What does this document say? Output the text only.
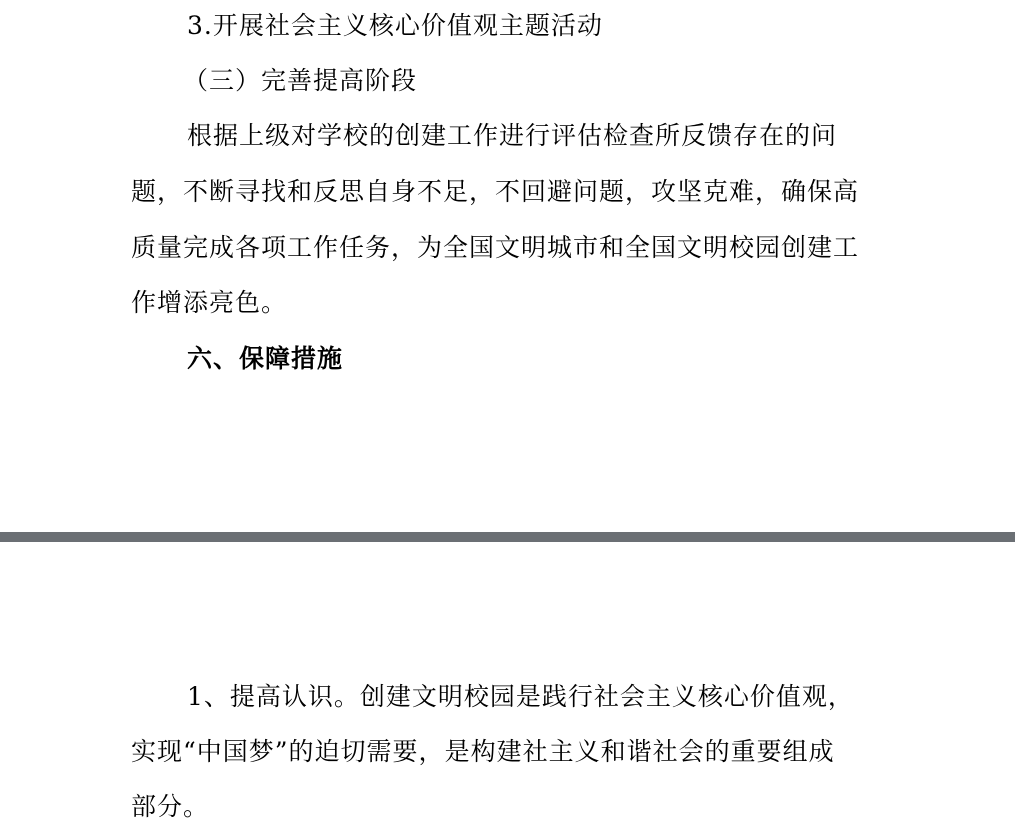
3.开展社会主义核心价值观主题活动

（三）完善提高阶段

根据上级对学校的创建工作进行评估检查所反馈存在的问

题，不断寻找和反思自身不足，不回避问题，攻坚克难，确保高

质量完成各项工作任务，为全国文明城市和全国文明校园创建工

作增添亮色。

六、保障措施

1、提高认识。创建文明校园是践行社会主义核心价值观，

实现“中国梦”的迫切需要，是构建社主义和谐社会的重要组成

部分。
